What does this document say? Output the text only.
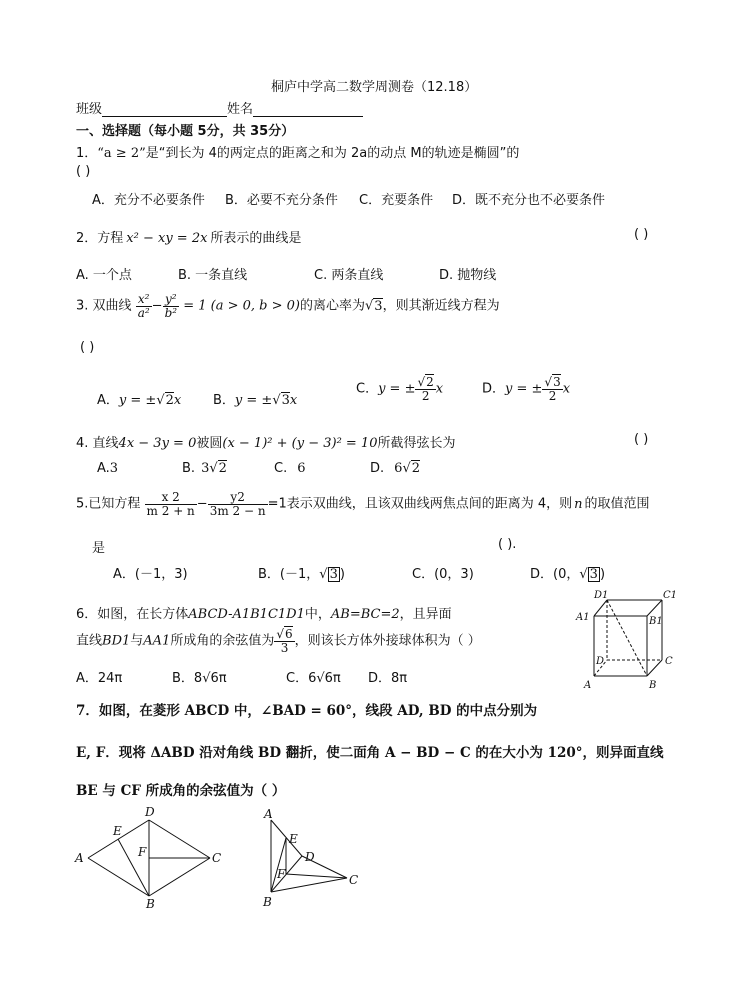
桐庐中学高二数学周测卷（12.18）
班级	姓名
一、选择题（每小题 5分，共 35分）
1．“a ≥ 2”是“到长为 4的两定点的距离之和为 2a的动点 M的轨迹是椭圆”的
( )
A．充分不必要条件 B．必要不充分条件 C．充要条件 D．既不充分也不必要条件
2．方程 x² − xy = 2x 所表示的曲线是	( )
A. 一个点	B. 一条直线	C. 两条直线	D. 抛物线
3. 双曲线 $\frac{\text{x²}}{\text{a²}} - \frac{\text{y²}}{\text{b²}} = 1$ (a > 0, b > 0)的离心率为√3，则其渐近线方程为
( )
A．y = ±√2x B．y = ±√3x
C．y = ± $\frac{√2}{2}$ x	D．y = ± $\frac{√3}{2}$ x
4. 直线4x − 3y = 0被圆(x − 1)² + (y − 3)² = 10所截得弦长为	( )
A.3	B. 3√2	C. 6	D. 6√2
5.已知方程 $\frac{x 2}{m 2 + n} - \frac{y2}{3m 2 - n} =1$表示双曲线，且该双曲线两焦点间的距离为 4，则 n 的取值范围
是	( ).
A．(－1，3)	B．(－1，√ 3 )	C．(0，3)	D．(0，√ 3 )
6．如图，在长方体ABCD-A1B1C1D1中，AB=BC=2，且异面
直线BD1与AA1所成角的余弦值为 $\frac{√6}{3}$ ，则该长方体外接球体积为（ ）
A．24π	B．8√6π	C．6√6π D．8π
D1	C1
A1	B1
D	C
A	B
7．如图，在菱形 ABCD 中，∠BAD = 60°，线段 AD, BD 的中点分别为
E, F．现将 ΔABD 沿对角线 BD 翻折，使二面角 A − BD − C 的在大小为 120°，则异面直线
BE 与 CF 所成角的余弦值为（ ）
D
E
A	F	C
B
A
E
D
F	C
B
